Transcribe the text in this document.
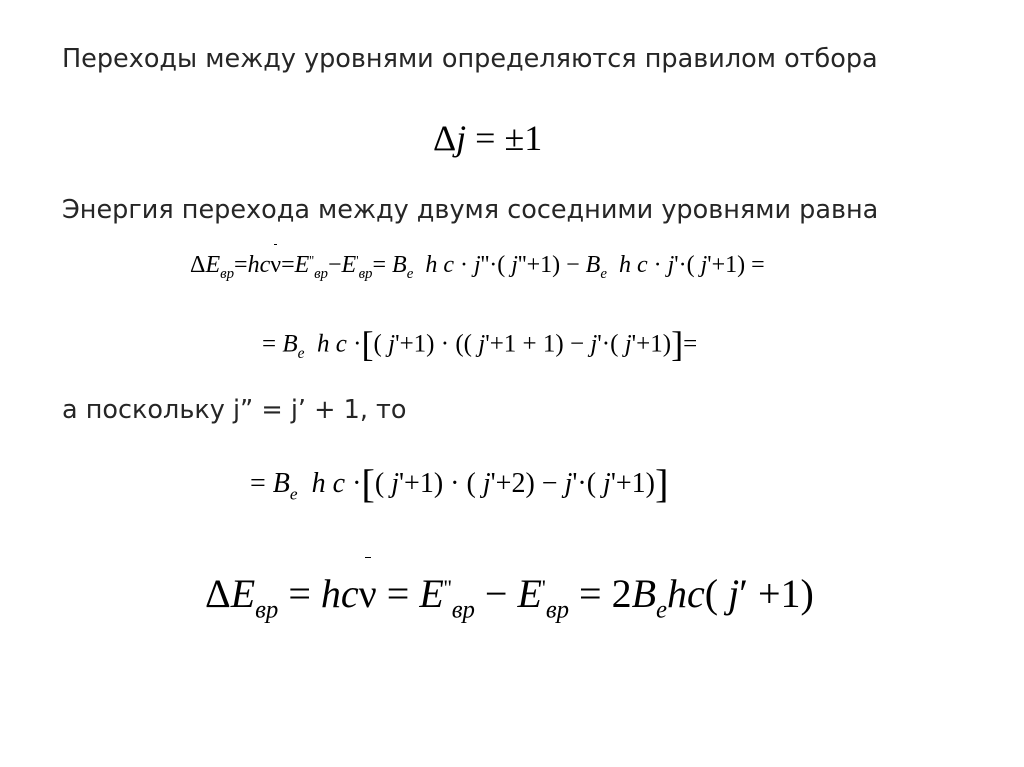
Переходы между уровнями определяются правилом отбора
Δj = ±1
Энергия перехода между двумя соседними уровнями равна
$\Delta E_{вр}=hc\nu=E''_{вр}-E'_{вр}= B_e$ h c · j''·( $j''+1) - B_e$ h c · j'·( j'+1) =
= $B_e$ h c ·[( j'+1) · (( j'+1 + 1) − j'·( j'+1)]=
а поскольку j” = j’ + 1, то
= $B_e$ h c ·[( j'+1) · ( j'+2) − j'·( j'+1)]
$\Delta E_{вр} = hc\nu = E''_{вр} - E'_{вр} = 2B_ehc$( j′ +1)
